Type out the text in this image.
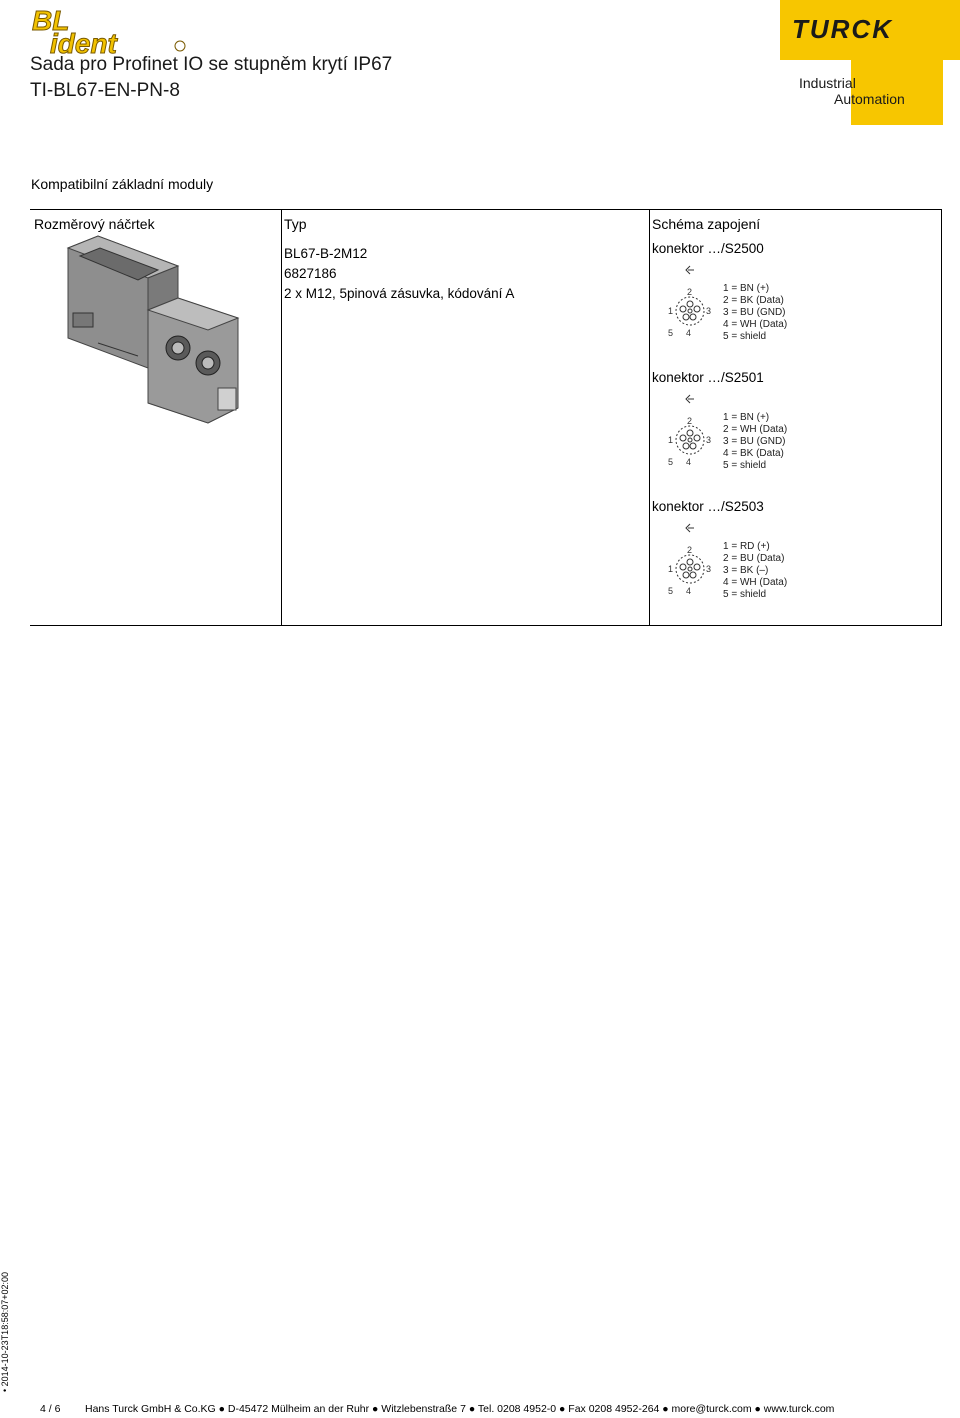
BL
ident
Sada pro Profinet IO se stupněm krytí IP67
TI-BL67-EN-PN-8
TURCK
Industrial
Automation
Kompatibilní základní moduly
Rozměrový náčrtek	Typ	Schéma zapojení
BL67-B-2M12
6827186
2 x M12, 5pinová zásuvka, kódování A
konektor …/S2500
2
1	3
5 4
1 = BN (+)
2 = BK (Data)
3 = BU (GND)
4 = WH (Data)
5 = shield
konektor …/S2501
2
1	3
5 4
1 = BN (+)
2 = WH (Data)
3 = BU (GND)
4 = BK (Data)
5 = shield
konektor …/S2503
2
1	3
5 4
1 = RD (+)
2 = BU (Data)
3 = BK (–)
4 = WH (Data)
5 = shield
• 2014-10-23T18:58:07+02:00
4 / 6 Hans Turck GmbH & Co.KG ● D-45472 Mülheim an der Ruhr ● Witzlebenstraße 7 ● Tel. 0208 4952-0 ● Fax 0208 4952-264 ● more@turck.com ● www.turck.com
